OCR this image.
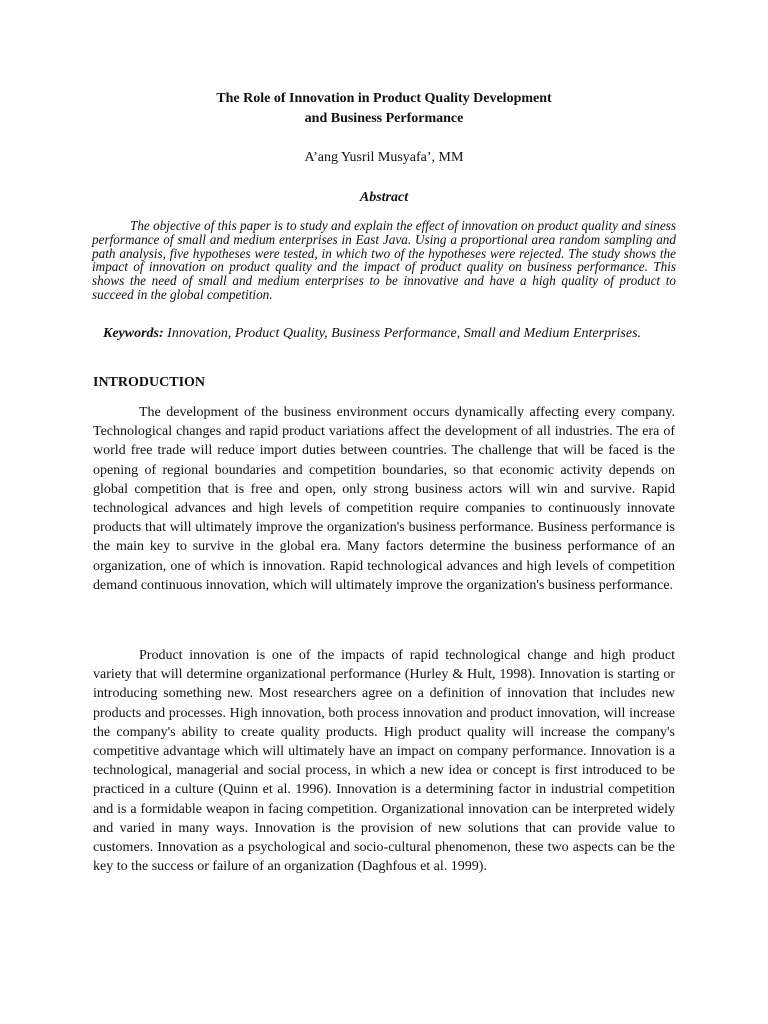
The Role of Innovation in Product Quality Development
and Business Performance
A’ang Yusril Musyafa’, MM
Abstract

The objective of this paper is to study and explain the effect of innovation on product quality and siness performance of small and medium enterprises in East Java. Using a proportional area random sampling and path analysis, five hypotheses were tested, in which two of the hypotheses were rejected. The study shows the impact of innovation on product quality and the impact of product quality on business performance. This shows the need of small and medium enterprises to be innovative and have a high quality of product to succeed in the global competition.

Keywords: Innovation, Product Quality, Business Performance, Small and Medium Enterprises.

INTRODUCTION

The development of the business environment occurs dynamically affecting every company. Technological changes and rapid product variations affect the development of all industries. The era of world free trade will reduce import duties between countries. The challenge that will be faced is the opening of regional boundaries and competition boundaries, so that economic activity depends on global competition that is free and open, only strong business actors will win and survive. Rapid technological advances and high levels of competition require companies to continuously innovate products that will ultimately improve the organization's business performance. Business performance is the main key to survive in the global era. Many factors determine the business performance of an organization, one of which is innovation. Rapid technological advances and high levels of competition demand continuous innovation, which will ultimately improve the organization's business performance.

Product innovation is one of the impacts of rapid technological change and high product variety that will determine organizational performance (Hurley & Hult, 1998). Innovation is starting or introducing something new. Most researchers agree on a definition of innovation that includes new products and processes. High innovation, both process innovation and product innovation, will increase the company's ability to create quality products. High product quality will increase the company's competitive advantage which will ultimately have an impact on company performance. Innovation is a technological, managerial and social process, in which a new idea or concept is first introduced to be practiced in a culture (Quinn et al. 1996). Innovation is a determining factor in industrial competition and is a formidable weapon in facing competition. Organizational innovation can be interpreted widely and varied in many ways. Innovation is the provision of new solutions that can provide value to customers. Innovation as a psychological and socio-cultural phenomenon, these two aspects can be the key to the success or failure of an organization (Daghfous et al. 1999).
